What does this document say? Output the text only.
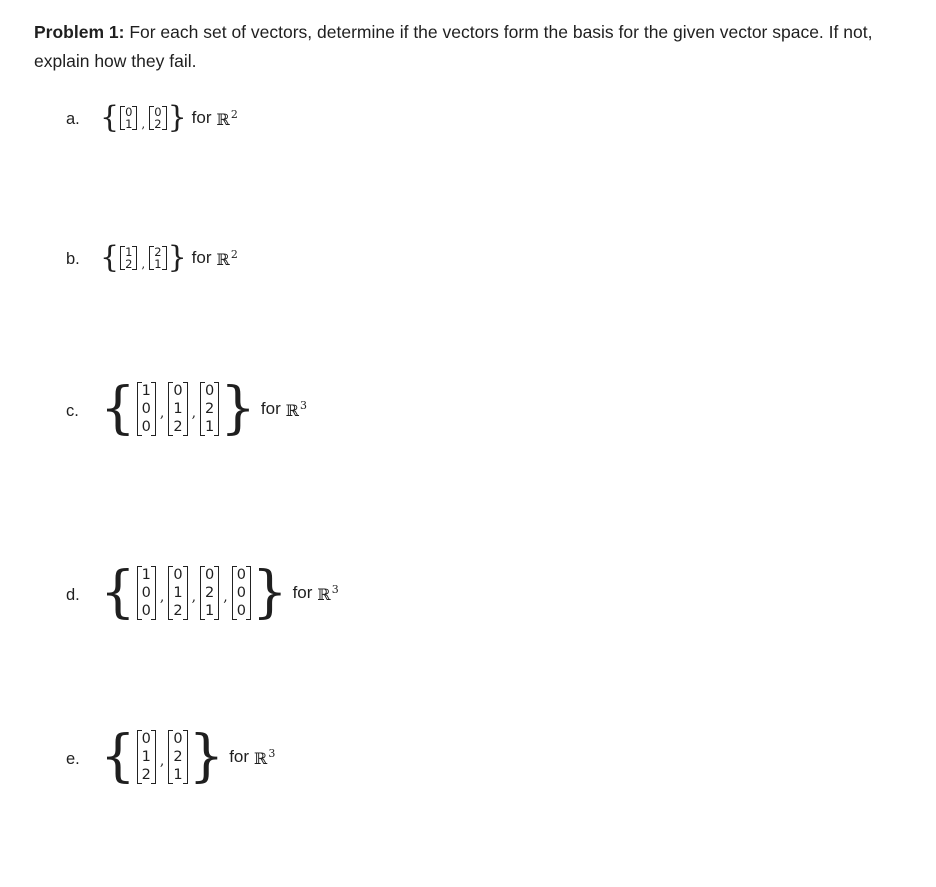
Problem 1: For each set of vectors, determine if the vectors form the basis for the given vector space. If not, explain how they fail.
a. { 0
1 ,
0
2 } for ℝ$^2$
b. { 1
2 ,
2
1 } for ℝ$^2$
c. { 1
0
0
,
0
1
2
,
0
2
1 } for ℝ$^3$
d. { 1
0
0
,
0
1
2
,
0
2
1
,
0
0
0 } for ℝ$^3$
e. { 0
1
2
,
0
2
1 } for ℝ$^3$
